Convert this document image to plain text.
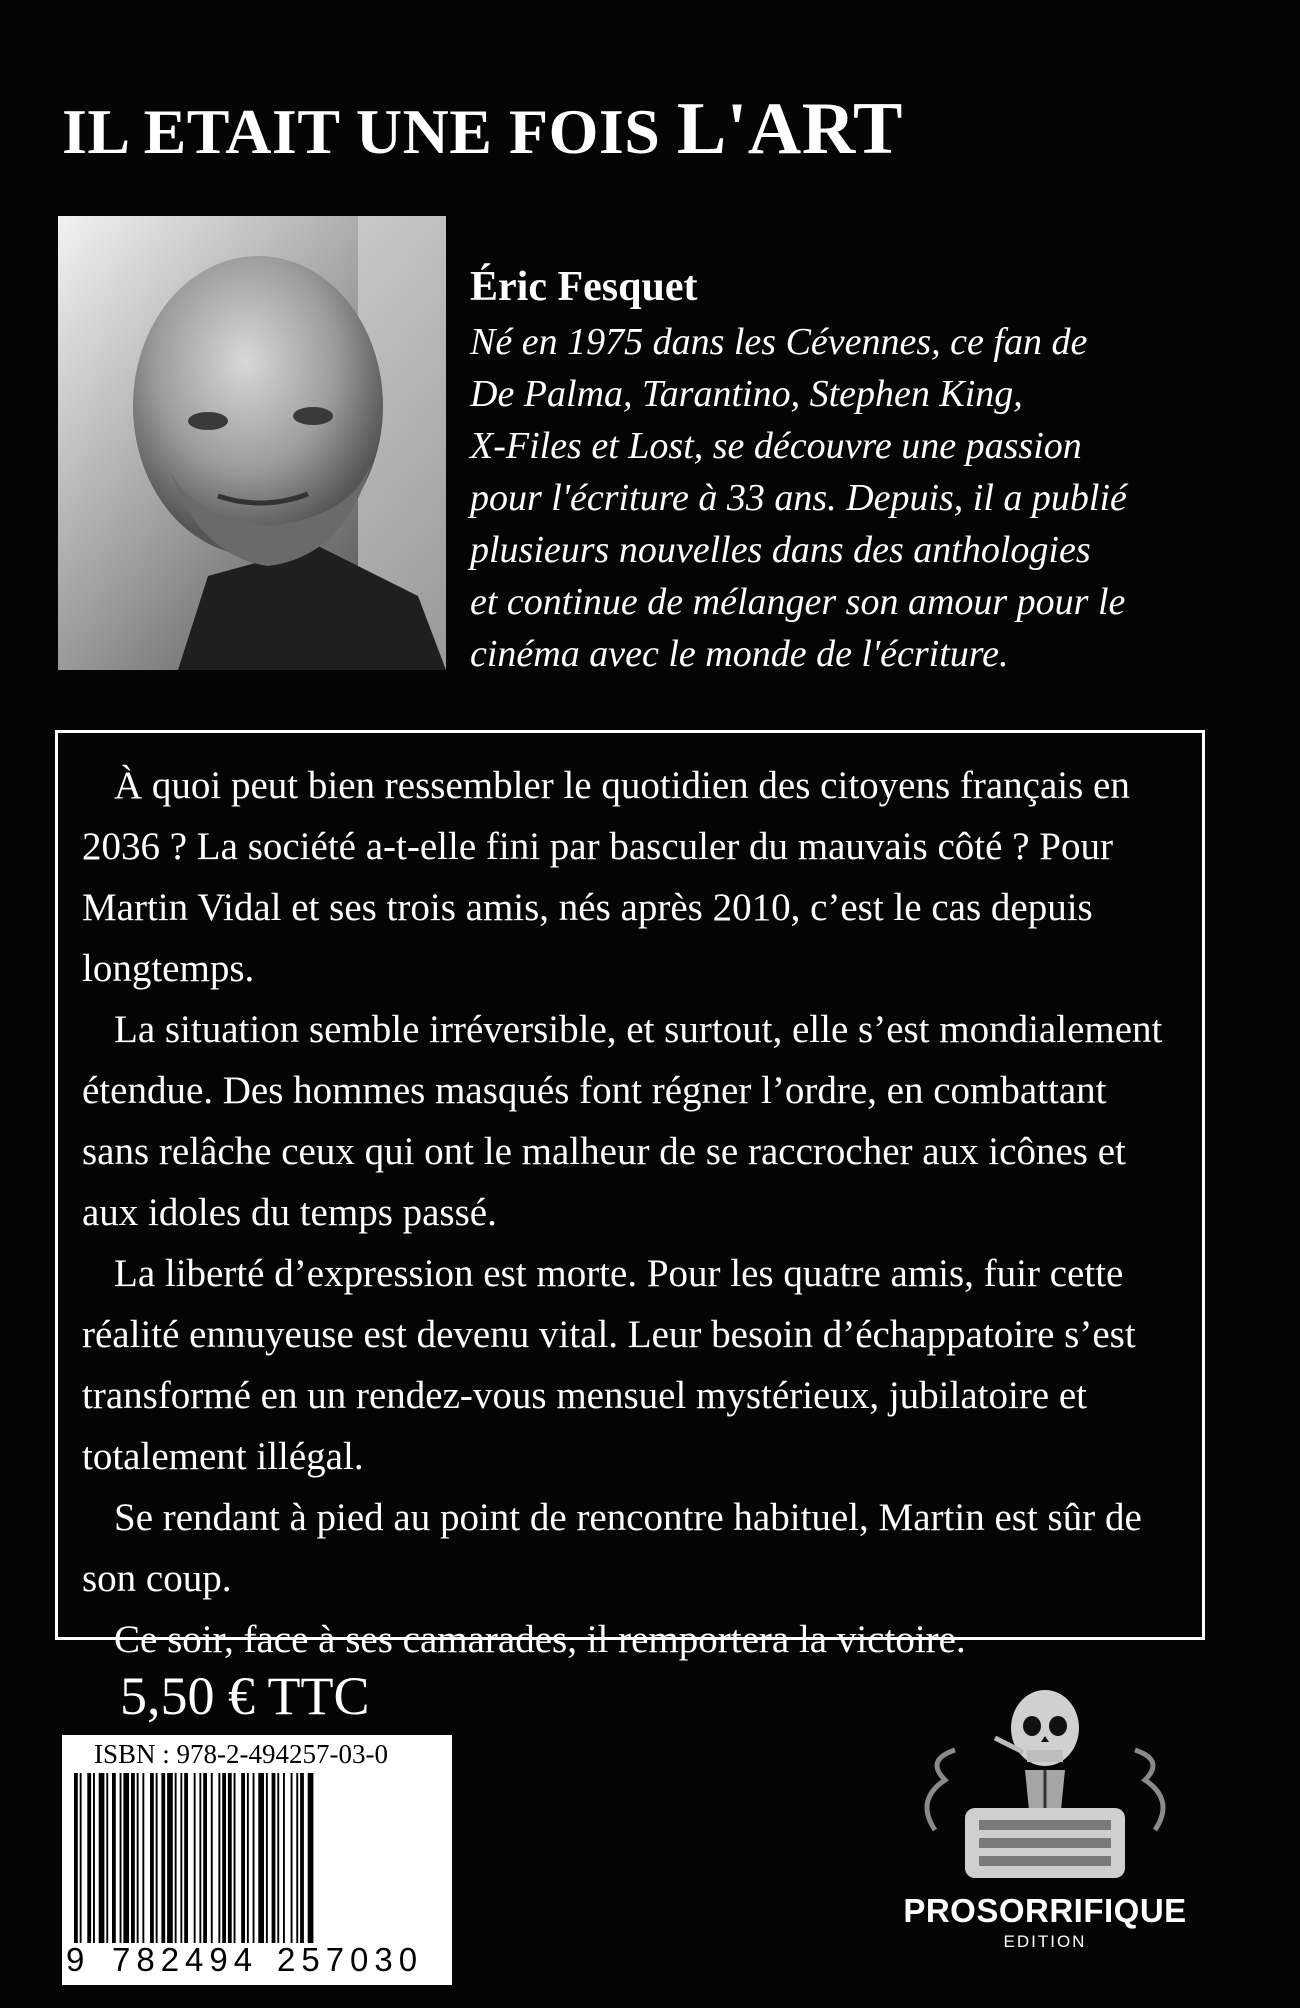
IL ETAIT UNE FOIS L'ART

Éric Fesquet

Né en 1975 dans les Cévennes, ce fan de
De Palma, Tarantino, Stephen King,
X-Files et Lost, se découvre une passion
pour l'écriture à 33 ans. Depuis, il a publié
plusieurs nouvelles dans des anthologies
et continue de mélanger son amour pour le
cinéma avec le monde de l'écriture.

À quoi peut bien ressembler le quotidien des citoyens français en 2036 ? La société a-t-elle fini par basculer du mauvais côté ? Pour Martin Vidal et ses trois amis, nés après 2010, c’est le cas depuis longtemps.

La situation semble irréversible, et surtout, elle s’est mondialement étendue. Des hommes masqués font régner l’ordre, en combattant sans relâche ceux qui ont le malheur de se raccrocher aux icônes et aux idoles du temps passé.

La liberté d’expression est morte. Pour les quatre amis, fuir cette réalité ennuyeuse est devenu vital. Leur besoin d’échappatoire s’est transformé en un rendez-vous mensuel mystérieux, jubilatoire et totalement illégal.

Se rendant à pied au point de rencontre habituel, Martin est sûr de son coup.

Ce soir, face à ses camarades, il remportera la victoire.

5,50 € TTC

ISBN : 978-2-494257-03-0
9 782494 257030
PROSORRIFIQUE
EDITION
